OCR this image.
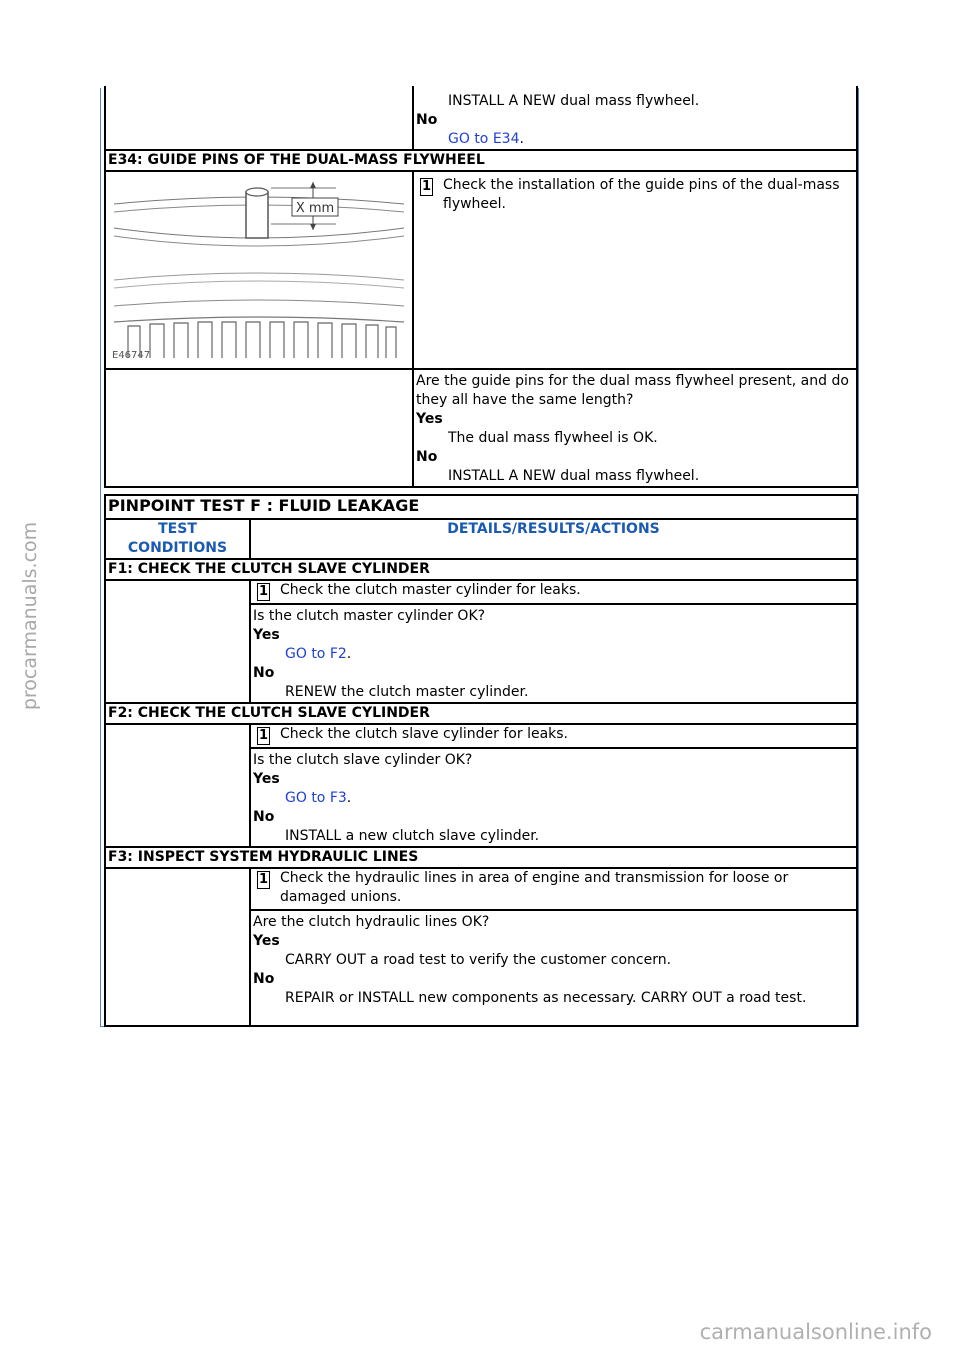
	INSTALL A NEW dual mass flywheel.
No
GO to E34.

E34: GUIDE PINS OF THE DUAL-MASS FLYWHEEL	

X mm
E46747	1 Check the installation of the guide pins of the dual-mass flywheel.

	Are the guide pins for the dual mass flywheel present, and do they all have the same length?
Yes
The dual mass flywheel is OK.
No
INSTALL A NEW dual mass flywheel.
PINPOINT TEST F : FLUID LEAKAGE	
TEST CONDITIONS	DETAILS/RESULTS/ACTIONS
F1: CHECK THE CLUTCH SLAVE CYLINDER	

	1 Check the clutch master cylinder for leaks.

	Is the clutch master cylinder OK?
Yes
GO to F2.
No
RENEW the clutch master cylinder.

F2: CHECK THE CLUTCH SLAVE CYLINDER	

	1 Check the clutch slave cylinder for leaks.

	Is the clutch slave cylinder OK?
Yes
GO to F3.
No
INSTALL a new clutch slave cylinder.

F3: INSPECT SYSTEM HYDRAULIC LINES	

	1 Check the hydraulic lines in area of engine and transmission for loose or damaged unions.

	Are the clutch hydraulic lines OK?
Yes
CARRY OUT a road test to verify the customer concern.
No
REPAIR or INSTALL new components as necessary. CARRY OUT a road test.
procarmanuals.com
carmanualsonline.info
